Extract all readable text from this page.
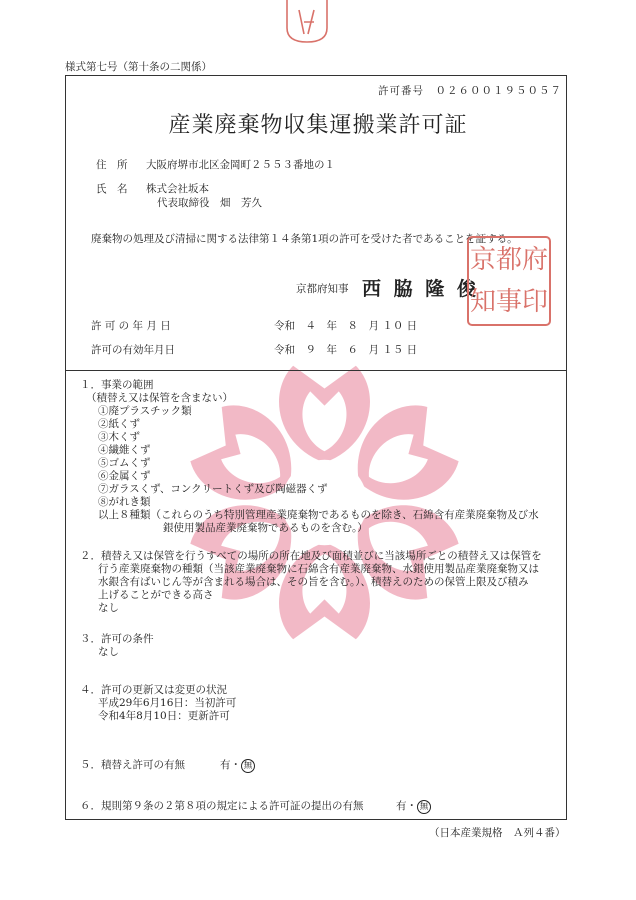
様式第七号（第十条の二関係）
許可番号　０２６００１９５０５７
産業廃棄物収集運搬業許可証
住　所 大阪府堺市北区金岡町２５５３番地の１
氏　名 株式会社坂本
代表取締役　畑　芳久
廃棄物の処理及び清掃に関する法律第１４条第1項の許可を受けた者であることを証する。
京都府知事 西 脇 隆 俊
京 都 府
知 事 印
許 可 の 年 月 日	令和　４　年　８　月 １０ 日
許可の有効年月日	令和　９　年　６　月 １５ 日
１．事業の範囲
（積替え又は保管を含まない）
①廃プラスチック類
②紙くず
③木くず
④繊維くず
⑤ゴムくず
⑥金属くず
⑦ガラスくず、コンクリートくず及び陶磁器くず
⑧がれき類
以上８種類（これらのうち特別管理産業廃棄物であるものを除き、石綿含有産業廃棄物及び水
銀使用製品産業廃棄物であるものを含む。）
２．積替え又は保管を行うすべての場所の所在地及び面積並びに当該場所ごとの積替え又は保管を
行う産業廃棄物の種類（当該産業廃棄物に石綿含有産業廃棄物、水銀使用製品産業廃棄物又は
水銀含有ばいじん等が含まれる場合は、その旨を含む。）、積替えのための保管上限及び積み
上げることができる高さ
なし
３．許可の条件
なし
４．許可の更新又は変更の状況
平成29年6月16日：当初許可
令和4年8月10日：更新許可
５．積替え許可の有無	有・ 無
６．規則第９条の２第８項の規定による許可証の提出の有無	有・ 無
（日本産業規格　Ａ列４番）
